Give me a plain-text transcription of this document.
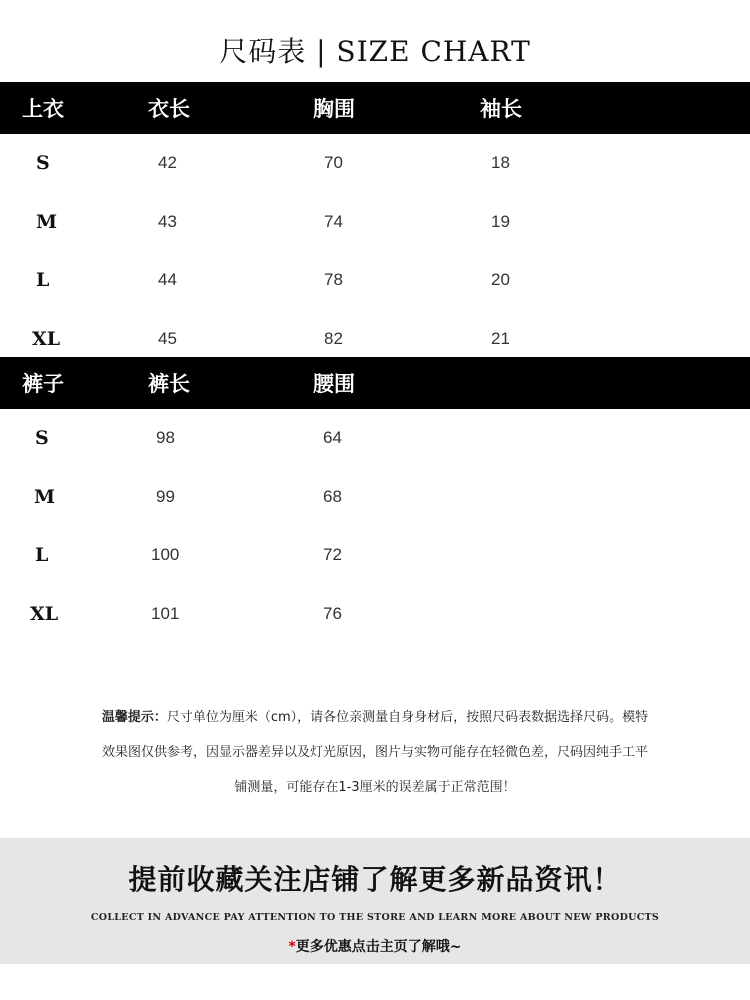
尺码表 | SIZE CHART
上衣	衣长	胸围	袖长
S	42	70	18
M	43	74	19
L	44	78	20
XL	45	82	21
裤子	裤长	腰围
S	98	64
M	99	68
L	100	72
XL	101	76
温馨提示：尺寸单位为厘米（cm），请各位亲测量自身身材后，按照尺码表数据选择尺码。模特
效果图仅供参考，因显示器差异以及灯光原因，图片与实物可能存在轻微色差，尺码因纯手工平
铺测量，可能存在1-3厘米的误差属于正常范围！
提前收藏关注店铺了解更多新品资讯！
COLLECT IN ADVANCE PAY ATTENTION TO THE STORE AND LEARN MORE ABOUT NEW PRODUCTS
*更多优惠点击主页了解哦~
